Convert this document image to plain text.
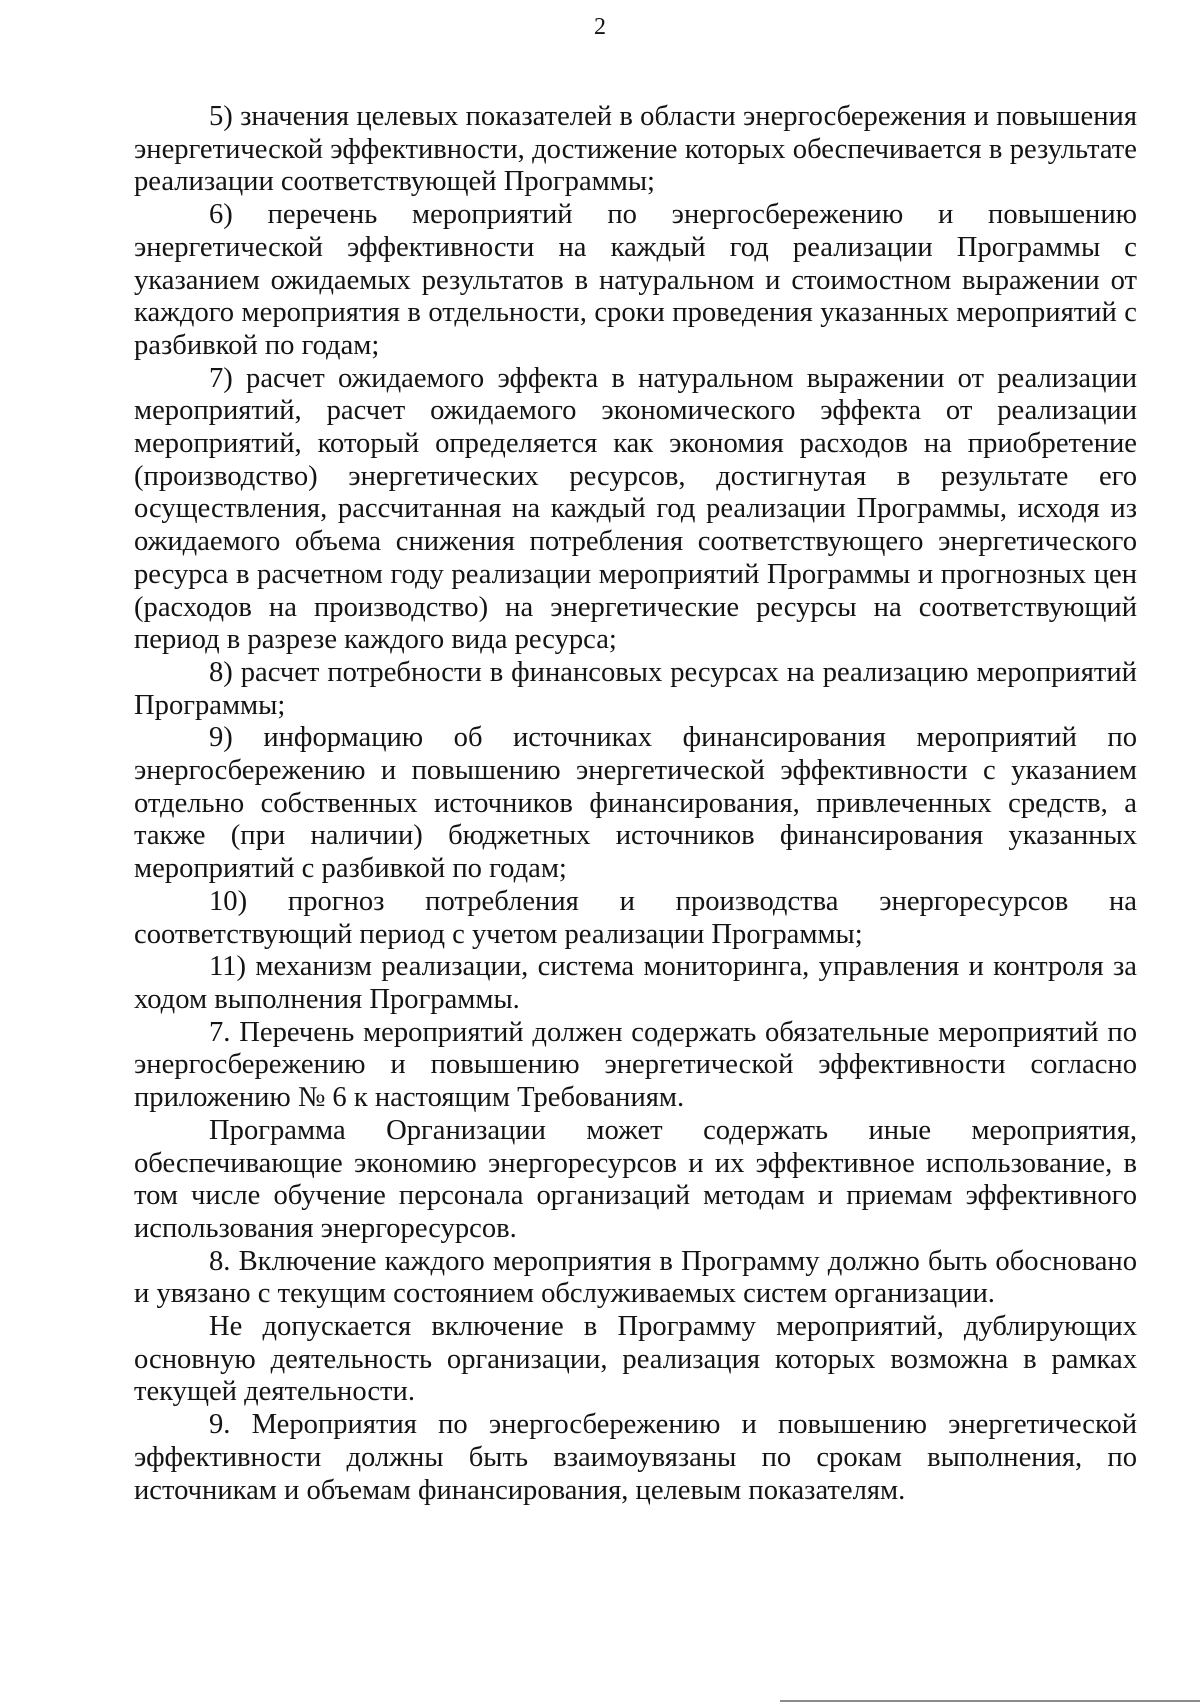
2

5) значения целевых показателей в области энергосбережения и повышения энергетической эффективности, достижение которых обеспечивается в результате реализации соответствующей Программы;

6) перечень мероприятий по энергосбережению и повышению энергетической эффективности на каждый год реализации Программы с указанием ожидаемых результатов в натуральном и стоимостном выражении от каждого мероприятия в отдельности, сроки проведения указанных мероприятий с разбивкой по годам;

7) расчет ожидаемого эффекта в натуральном выражении от реализации мероприятий, расчет ожидаемого экономического эффекта от реализации мероприятий, который определяется как экономия расходов на приобретение (производство) энергетических ресурсов, достигнутая в результате его осуществления, рассчитанная на каждый год реализации Программы, исходя из ожидаемого объема снижения потребления соответствующего энергетического ресурса в расчетном году реализации мероприятий Программы и прогнозных цен (расходов на производство) на энергетические ресурсы на соответствующий период в разрезе каждого вида ресурса;

8) расчет потребности в финансовых ресурсах на реализацию мероприятий Программы;

9) информацию об источниках финансирования мероприятий по энергосбережению и повышению энергетической эффективности с указанием отдельно собственных источников финансирования, привлеченных средств, а также (при наличии) бюджетных источников финансирования указанных мероприятий с разбивкой по годам;

10) прогноз потребления и производства энергоресурсов на соответствующий период с учетом реализации Программы;

11) механизм реализации, система мониторинга, управления и контроля за ходом выполнения Программы.

7. Перечень мероприятий должен содержать обязательные мероприятий по энергосбережению и повышению энергетической эффективности согласно приложению № 6 к настоящим Требованиям.

Программа Организации может содержать иные мероприятия, обеспечивающие экономию энергоресурсов и их эффективное использование, в том числе обучение персонала организаций методам и приемам эффективного использования энергоресурсов.

8. Включение каждого мероприятия в Программу должно быть обосновано и увязано с текущим состоянием обслуживаемых систем организации.

Не допускается включение в Программу мероприятий, дублирующих основную деятельность организации, реализация которых возможна в рамках текущей деятельности.

9. Мероприятия по энергосбережению и повышению энергетической эффективности должны быть взаимоувязаны по срокам выполнения, по источникам и объемам финансирования, целевым показателям.
